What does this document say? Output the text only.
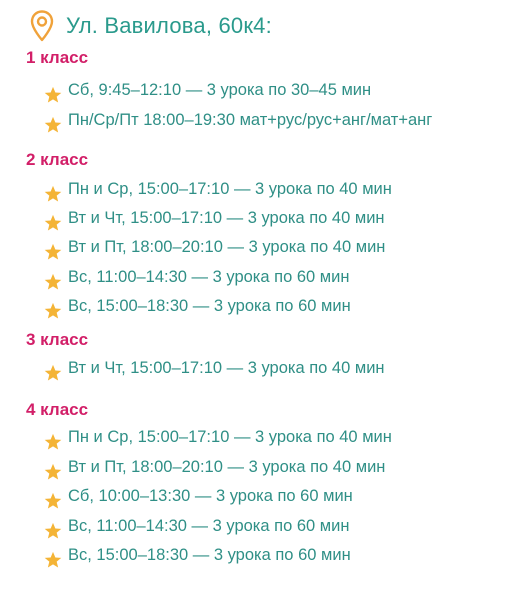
Ул. Вавилова, 60к4:
1 класс
Сб, 9:45–12:10 — 3 урока по 30–45 мин
Пн/Ср/Пт 18:00–19:30 мат+рус/рус+анг/мат+анг
2 класс
Пн и Ср, 15:00–17:10 — 3 урока по 40 мин
Вт и Чт, 15:00–17:10 — 3 урока по 40 мин
Вт и Пт, 18:00–20:10 — 3 урока по 40 мин
Вс, 11:00–14:30 — 3 урока по 60 мин
Вс, 15:00–18:30 — 3 урока по 60 мин
3 класс
Вт и Чт, 15:00–17:10 — 3 урока по 40 мин
4 класс
Пн и Ср, 15:00–17:10 — 3 урока по 40 мин
Вт и Пт, 18:00–20:10 — 3 урока по 40 мин
Сб, 10:00–13:30 — 3 урока по 60 мин
Вс, 11:00–14:30 — 3 урока по 60 мин
Вс, 15:00–18:30 — 3 урока по 60 мин
